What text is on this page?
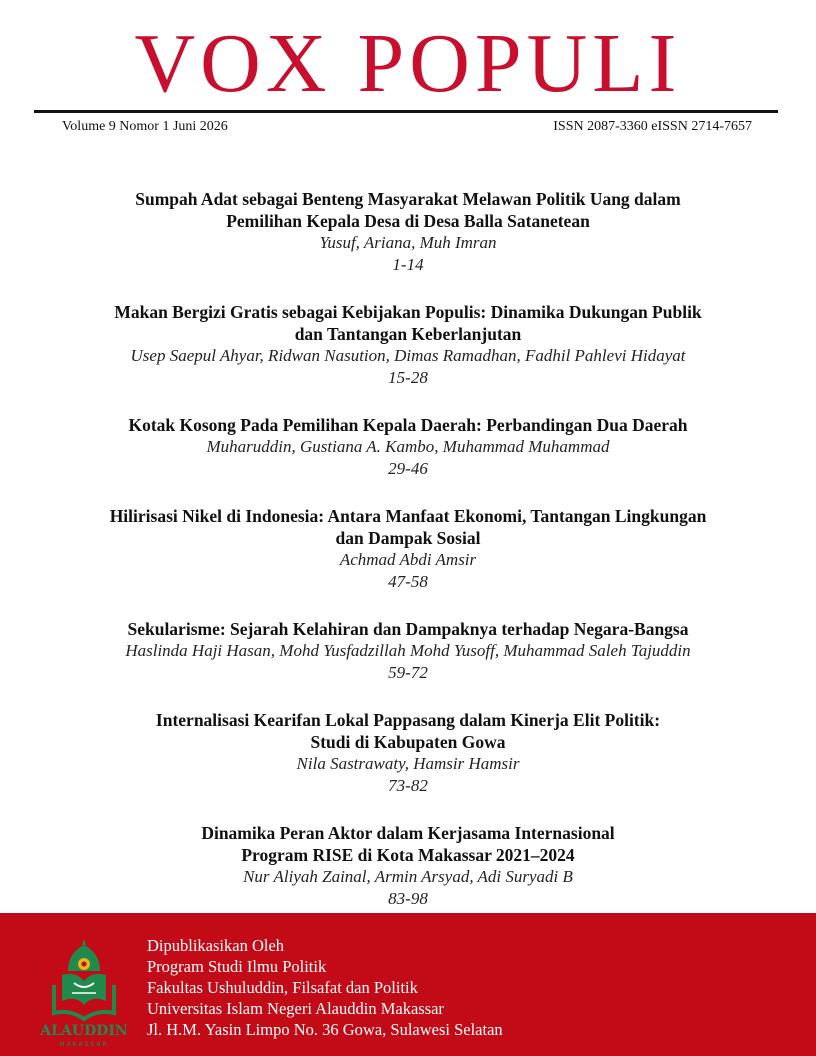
VOX POPULI
Volume 9 Nomor 1 Juni 2026	ISSN 2087-3360 eISSN 2714-7657
Sumpah Adat sebagai Benteng Masyarakat Melawan Politik Uang dalam
Pemilihan Kepala Desa di Desa Balla Satanetean
Yusuf, Ariana, Muh Imran
1-14
Makan Bergizi Gratis sebagai Kebijakan Populis: Dinamika Dukungan Publik
dan Tantangan Keberlanjutan
Usep Saepul Ahyar, Ridwan Nasution, Dimas Ramadhan, Fadhil Pahlevi Hidayat
15-28
Kotak Kosong Pada Pemilihan Kepala Daerah: Perbandingan Dua Daerah
Muharuddin, Gustiana A. Kambo, Muhammad Muhammad
29-46
Hilirisasi Nikel di Indonesia: Antara Manfaat Ekonomi, Tantangan Lingkungan
dan Dampak Sosial
Achmad Abdi Amsir
47-58
Sekularisme: Sejarah Kelahiran dan Dampaknya terhadap Negara-Bangsa
Haslinda Haji Hasan, Mohd Yusfadzillah Mohd Yusoff, Muhammad Saleh Tajuddin
59-72
Internalisasi Kearifan Lokal Pappasang dalam Kinerja Elit Politik:
Studi di Kabupaten Gowa
Nila Sastrawaty, Hamsir Hamsir
73-82
Dinamika Peran Aktor dalam Kerjasama Internasional
Program RISE di Kota Makassar 2021–2024
Nur Aliyah Zainal, Armin Arsyad, Adi Suryadi B
83-98
ALAUDDIN
MAKASSAR
Dipublikasikan Oleh
Program Studi Ilmu Politik
Fakultas Ushuluddin, Filsafat dan Politik
Universitas Islam Negeri Alauddin Makassar
Jl. H.M. Yasin Limpo No. 36 Gowa, Sulawesi Selatan
